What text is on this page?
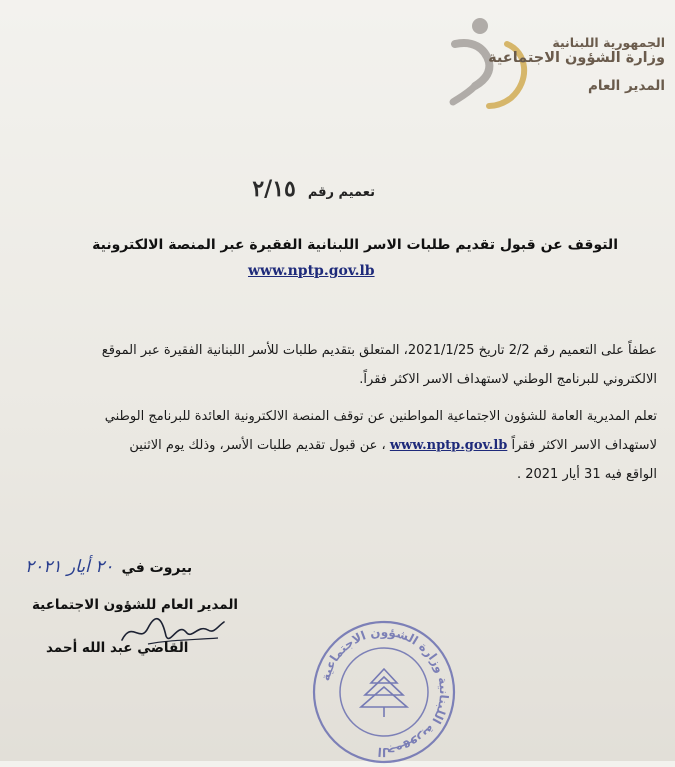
الجمهورية اللبنانية
وزارة الشؤون الاجتماعية
المدير العام
تعميم رقم٢/١٥
التوقف عن قبول تقديم طلبات الاسر اللبنانية الفقيرة عبر المنصة الالكترونية
www.nptp.gov.lb
عطفاً على التعميم رقم 2/2 تاريخ 2021/1/25، المتعلق بتقديم طلبات للأسر اللبنانية الفقيرة عبر الموقع
الالكتروني للبرنامج الوطني لاستهداف الاسر الاكثر فقراً.
تعلم المديرية العامة للشؤون الاجتماعية المواطنين عن توقف المنصة الالكترونية العائدة للبرنامج الوطني
لاستهداف الاسر الاكثر فقراً www.nptp.gov.lb ، عن قبول تقديم طلبات الأسر، وذلك يوم الاثنين
الواقع فيه 31 أيار 2021 .
بيروت في٢٠ أيار ٢٠٢١
المدير العام للشؤون الاجتماعية
القاضي عبد الله أحمد
الجمهورية اللبنانية وزارة الشؤون الاجتماعية
